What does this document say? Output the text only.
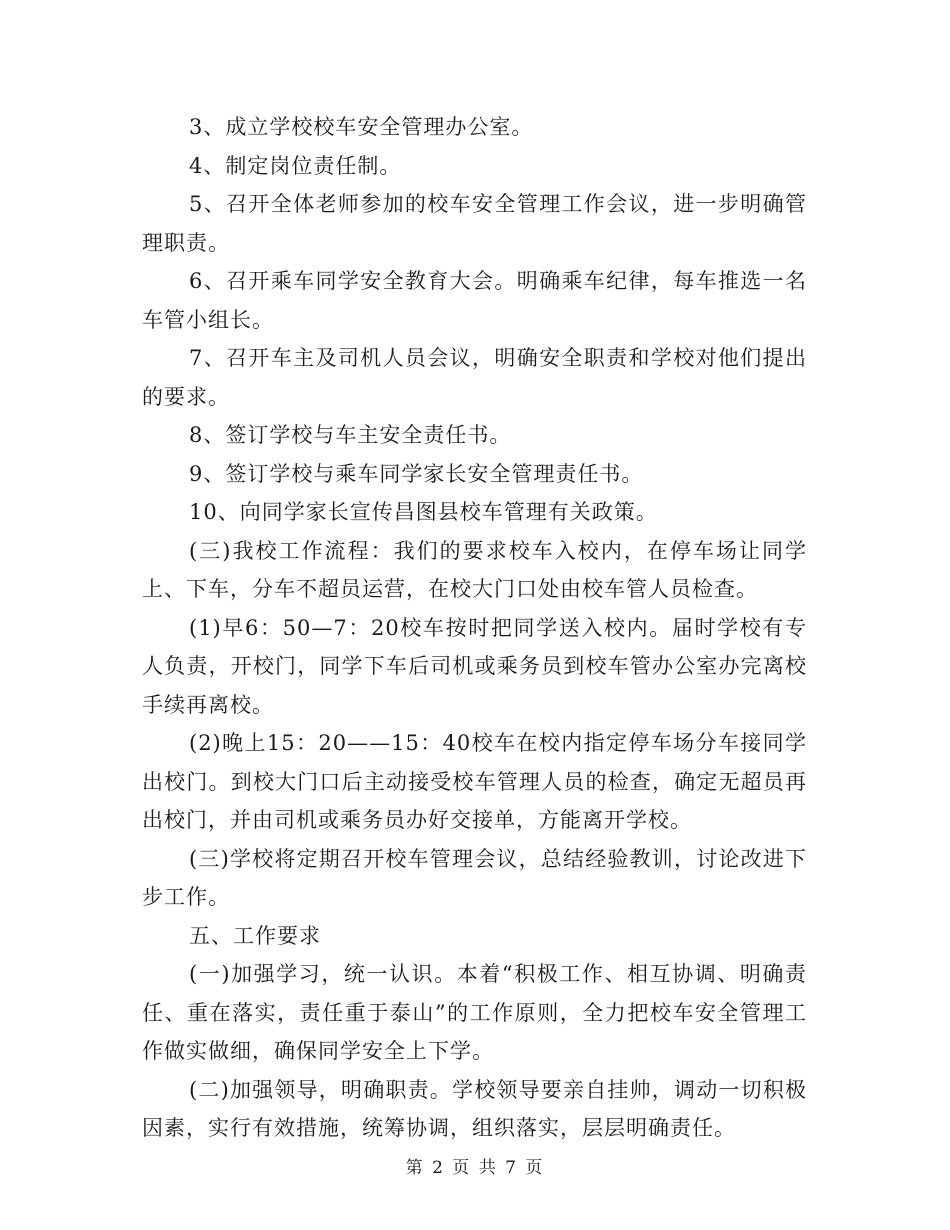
3、成立学校校车安全管理办公室。

4、制定岗位责任制。

5、召开全体老师参加的校车安全管理工作会议，进一步明确管理职责。

6、召开乘车同学安全教育大会。明确乘车纪律，每车推选一名车管小组长。

7、召开车主及司机人员会议，明确安全职责和学校对他们提出的要求。

8、签订学校与车主安全责任书。

9、签订学校与乘车同学家长安全管理责任书。

10、向同学家长宣传昌图县校车管理有关政策。

(三)我校工作流程：我们的要求校车入校内，在停车场让同学上、下车，分车不超员运营，在校大门口处由校车管人员检查。

(1)早6：50—7：20校车按时把同学送入校内。届时学校有专人负责，开校门，同学下车后司机或乘务员到校车管办公室办完离校手续再离校。

(2)晚上15：20——15：40校车在校内指定停车场分车接同学出校门。到校大门口后主动接受校车管理人员的检查，确定无超员再出校门，并由司机或乘务员办好交接单，方能离开学校。

(三)学校将定期召开校车管理会议，总结经验教训，讨论改进下步工作。

五、工作要求

(一)加强学习，统一认识。本着“积极工作、相互协调、明确责任、重在落实，责任重于泰山”的工作原则，全力把校车安全管理工作做实做细，确保同学安全上下学。

(二)加强领导，明确职责。学校领导要亲自挂帅，调动一切积极因素，实行有效措施，统筹协调，组织落实，层层明确责任。

第 2 页 共 7 页
